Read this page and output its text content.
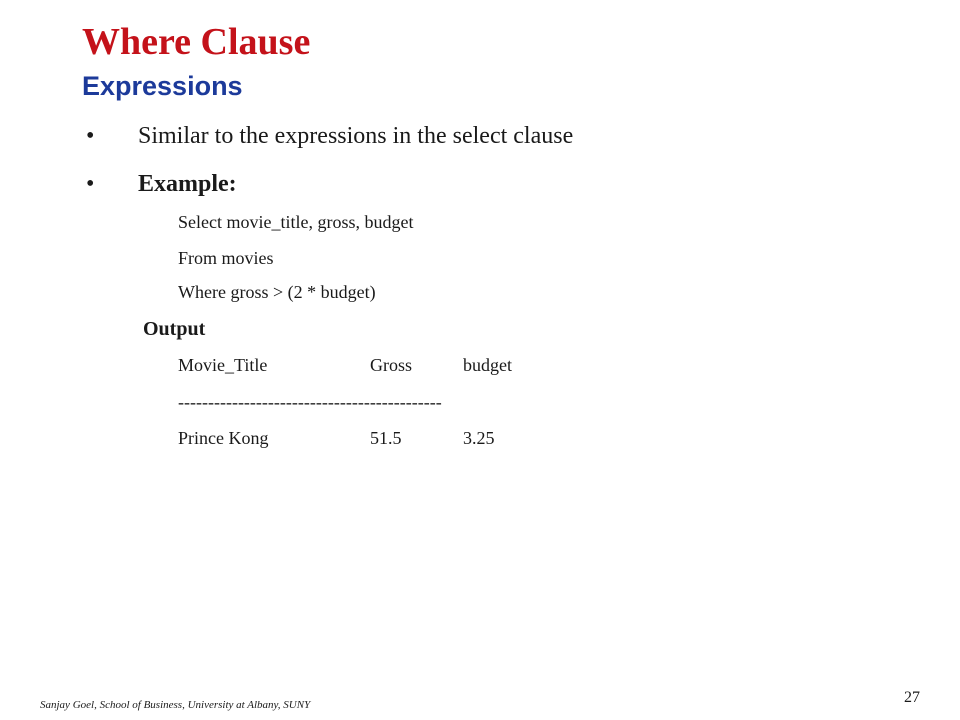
Where Clause
Expressions
•	Similar to the expressions in the select clause
•	Example:
Select movie_title, gross, budget
From movies
Where gross > (2 * budget)
Output
Movie_Title	Gross	budget
--------------------------------------------
Prince Kong	51.5	3.25
Sanjay Goel, School of Business, University at Albany, SUNY	27
